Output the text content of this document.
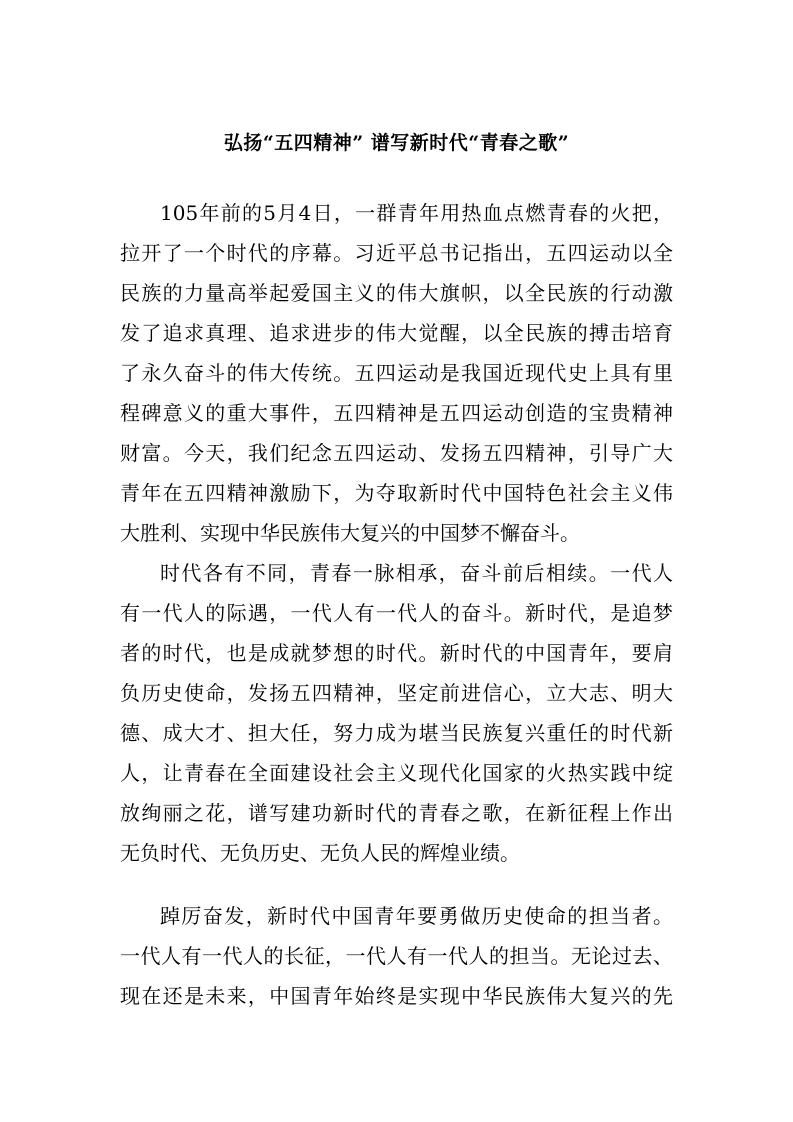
弘扬“五四精神” 谱写新时代“青春之歌”
105年前的5月4日，一群青年用热血点燃青春的火把，
拉开了一个时代的序幕。习近平总书记指出，五四运动以全
民族的力量高举起爱国主义的伟大旗帜，以全民族的行动激
发了追求真理、追求进步的伟大觉醒，以全民族的搏击培育
了永久奋斗的伟大传统。五四运动是我国近现代史上具有里
程碑意义的重大事件，五四精神是五四运动创造的宝贵精神
财富。今天，我们纪念五四运动、发扬五四精神，引导广大
青年在五四精神激励下，为夺取新时代中国特色社会主义伟
大胜利、实现中华民族伟大复兴的中国梦不懈奋斗。
时代各有不同，青春一脉相承，奋斗前后相续。一代人
有一代人的际遇，一代人有一代人的奋斗。新时代，是追梦
者的时代，也是成就梦想的时代。新时代的中国青年，要肩
负历史使命，发扬五四精神，坚定前进信心，立大志、明大
德、成大才、担大任，努力成为堪当民族复兴重任的时代新
人，让青春在全面建设社会主义现代化国家的火热实践中绽
放绚丽之花，谱写建功新时代的青春之歌，在新征程上作出
无负时代、无负历史、无负人民的辉煌业绩。
踔厉奋发，新时代中国青年要勇做历史使命的担当者。
一代人有一代人的长征，一代人有一代人的担当。无论过去、
现在还是未来，中国青年始终是实现中华民族伟大复兴的先
